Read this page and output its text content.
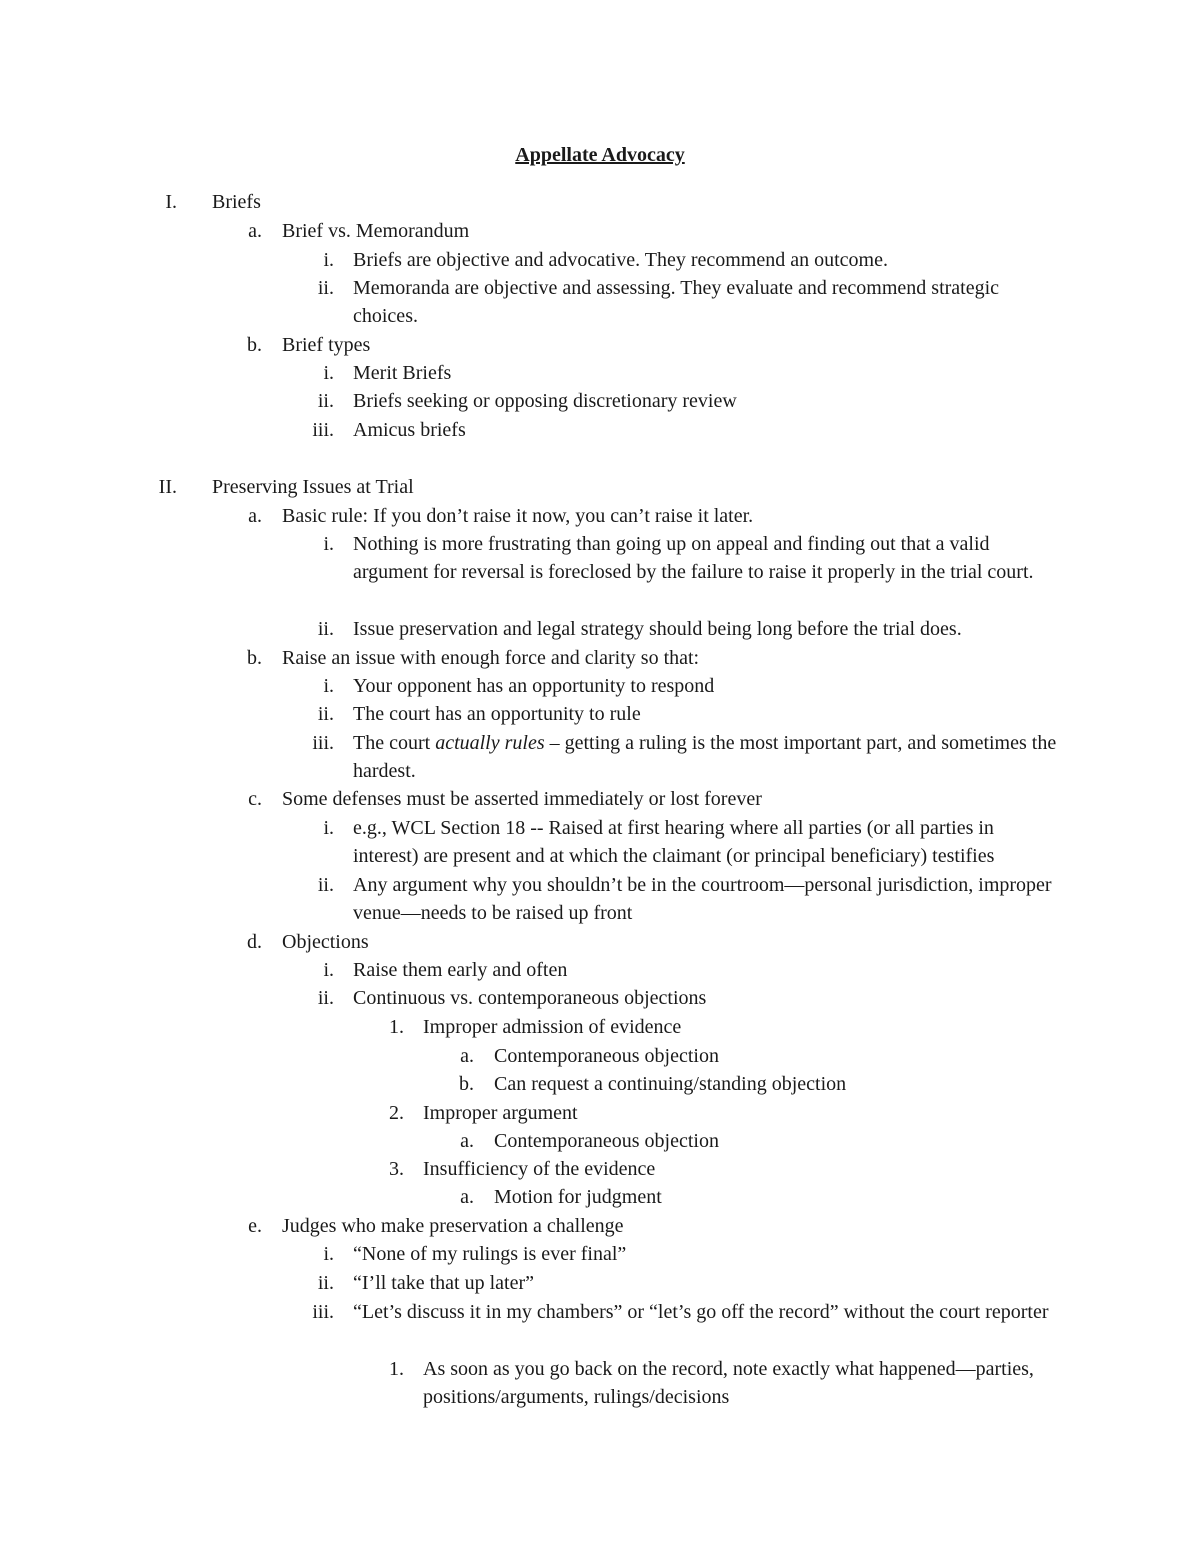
Appellate Advocacy
I. Briefs
a. Brief vs. Memorandum
i. Briefs are objective and advocative. They recommend an outcome.
ii. Memoranda are objective and assessing. They evaluate and recommend strategic choices.
b. Brief types
i. Merit Briefs
ii. Briefs seeking or opposing discretionary review
iii. Amicus briefs
II. Preserving Issues at Trial
a. Basic rule: If you don’t raise it now, you can’t raise it later.
i. Nothing is more frustrating than going up on appeal and finding out that a valid argument for reversal is foreclosed by the failure to raise it properly in the trial court.
ii. Issue preservation and legal strategy should being long before the trial does.
b. Raise an issue with enough force and clarity so that:
i. Your opponent has an opportunity to respond
ii. The court has an opportunity to rule
iii. The court actually rules – getting a ruling is the most important part, and sometimes the hardest.
c. Some defenses must be asserted immediately or lost forever
i. e.g., WCL Section 18 -- Raised at first hearing where all parties (or all parties in interest) are present and at which the claimant (or principal beneficiary) testifies
ii. Any argument why you shouldn’t be in the courtroom—personal jurisdiction, improper venue—needs to be raised up front
d. Objections
i. Raise them early and often
ii. Continuous vs. contemporaneous objections
1. Improper admission of evidence
a. Contemporaneous objection
b. Can request a continuing/standing objection
2. Improper argument
a. Contemporaneous objection
3. Insufficiency of the evidence
a. Motion for judgment
e. Judges who make preservation a challenge
i. “None of my rulings is ever final”
ii. “I’ll take that up later”
iii. “Let’s discuss it in my chambers” or “let’s go off the record” without the court reporter
1. As soon as you go back on the record, note exactly what happened—parties, positions/arguments, rulings/decisions
